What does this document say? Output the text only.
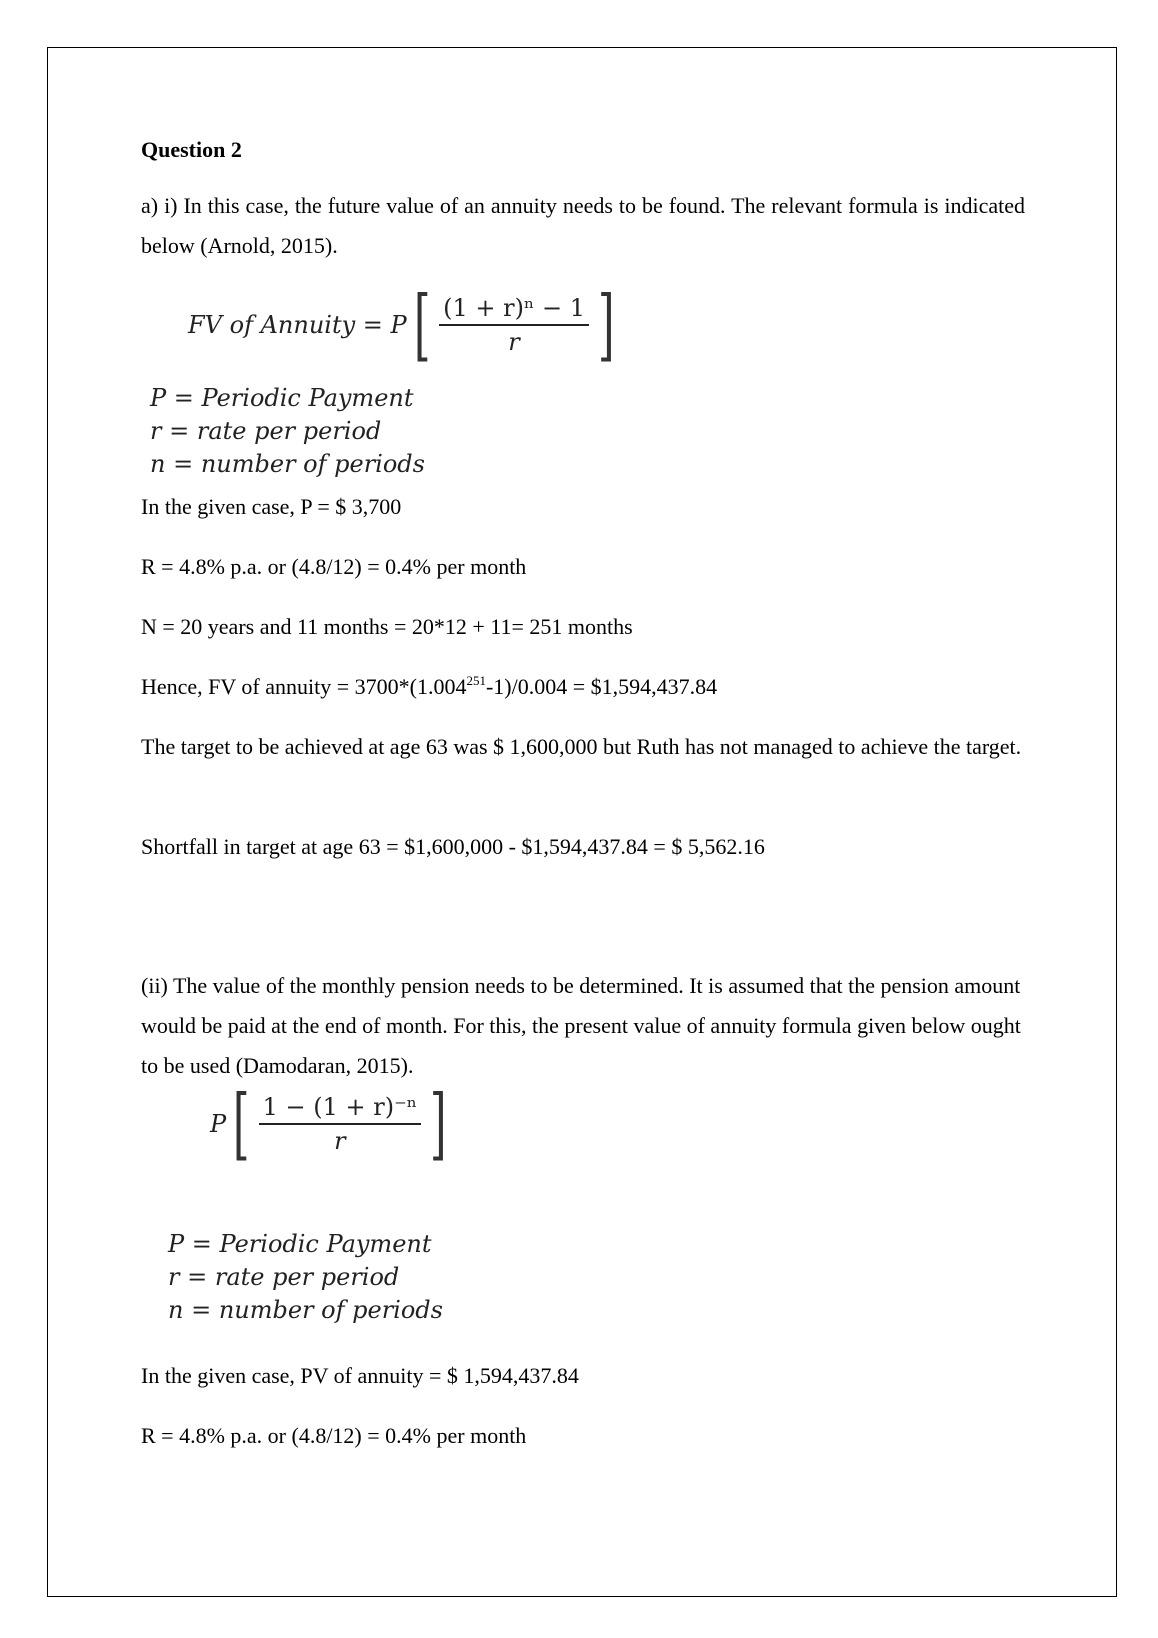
Question 2

a) i) In this case, the future value of an annuity needs to be found. The relevant formula is indicated below (Arnold, 2015).

FV of Annuity = P [ $\frac{\text{(1 + r)ⁿ − 1}}{r}$ ]
P = Periodic Payment
r = rate per period
n = number of periods

In the given case, P = $ 3,700

R = 4.8% p.a. or (4.8/12) = 0.4% per month

N = 20 years and 11 months = 20*12 + 11= 251 months

Hence, FV of annuity = $3700*(1.004^{251}-1)/0.004$ = $1,594,437.84

The target to be achieved at age 63 was $ 1,600,000 but Ruth has not managed to achieve the target.

Shortfall in target at age 63 = $1,600,000 - $1,594,437.84 = $ 5,562.16

(ii) The value of the monthly pension needs to be determined. It is assumed that the pension amount would be paid at the end of month. For this, the present value of annuity formula given below ought to be used (Damodaran, 2015).

P [ $\frac{\text{1 − (1 + r)⁻ⁿ}}{r}$ ]
P = Periodic Payment
r = rate per period
n = number of periods

In the given case, PV of annuity = $ 1,594,437.84

R = 4.8% p.a. or (4.8/12) = 0.4% per month
